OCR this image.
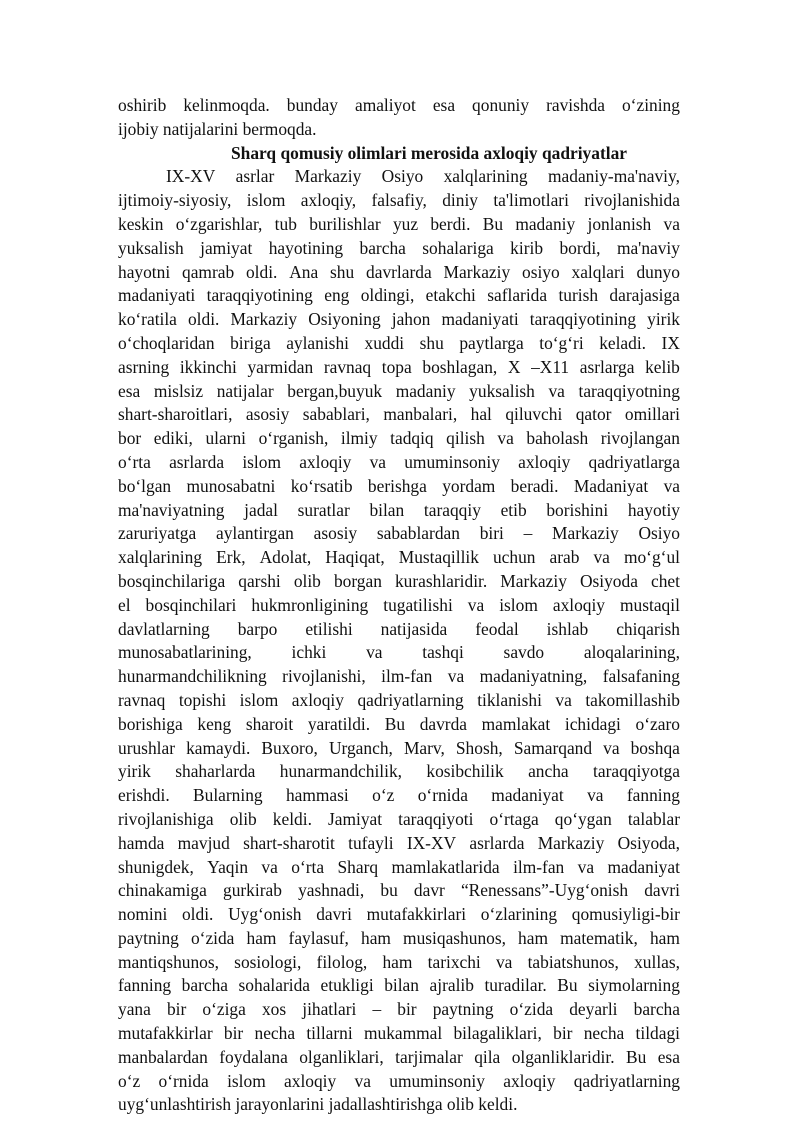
oshirib kelinmoqda. bunday amaliyot esa qonuniy ravishda o‘zining
ijobiy natijalarini bermoqda.
Sharq qomusiy olimlari merosida axloqiy qadriyatlar
IX-XV asrlar Markaziy Osiyo xalqlarining madaniy-ma'naviy,
ijtimoiy-siyosiy, islom axloqiy, falsafiy, diniy ta'limotlari rivojlanishida
keskin o‘zgarishlar, tub burilishlar yuz berdi. Bu madaniy jonlanish va
yuksalish jamiyat hayotining barcha sohalariga kirib bordi, ma'naviy
hayotni qamrab oldi. Ana shu davrlarda Markaziy osiyo xalqlari dunyo
madaniyati taraqqiyotining eng oldingi, etakchi saflarida turish darajasiga
ko‘ratila oldi. Markaziy Osiyoning jahon madaniyati taraqqiyotining yirik
o‘choqlaridan biriga aylanishi xuddi shu paytlarga to‘g‘ri keladi. IX
asrning ikkinchi yarmidan ravnaq topa boshlagan, X –X11 asrlarga kelib
esa mislsiz natijalar bergan,buyuk madaniy yuksalish va taraqqiyotning
shart-sharoitlari, asosiy sabablari, manbalari, hal qiluvchi qator omillari
bor ediki, ularni o‘rganish, ilmiy tadqiq qilish va baholash rivojlangan
o‘rta asrlarda islom axloqiy va umuminsoniy axloqiy qadriyatlarga
bo‘lgan munosabatni ko‘rsatib berishga yordam beradi. Madaniyat va
ma'naviyatning jadal suratlar bilan taraqqiy etib borishini hayotiy
zaruriyatga aylantirgan asosiy sabablardan biri – Markaziy Osiyo
xalqlarining Erk, Adolat, Haqiqat, Mustaqillik uchun arab va mo‘g‘ul
bosqinchilariga qarshi olib borgan kurashlaridir. Markaziy Osiyoda chet
el bosqinchilari hukmronligining tugatilishi va islom axloqiy mustaqil
davlatlarning barpo etilishi natijasida feodal ishlab chiqarish
munosabatlarining, ichki va tashqi savdo aloqalarining,
hunarmandchilikning rivojlanishi, ilm-fan va madaniyatning, falsafaning
ravnaq topishi islom axloqiy qadriyatlarning tiklanishi va takomillashib
borishiga keng sharoit yaratildi. Bu davrda mamlakat ichidagi o‘zaro
urushlar kamaydi. Buxoro, Urganch, Marv, Shosh, Samarqand va boshqa
yirik shaharlarda hunarmandchilik, kosibchilik ancha taraqqiyotga
erishdi. Bularning hammasi o‘z o‘rnida madaniyat va fanning
rivojlanishiga olib keldi. Jamiyat taraqqiyoti o‘rtaga qo‘ygan talablar
hamda mavjud shart-sharotit tufayli IX-XV asrlarda Markaziy Osiyoda,
shunigdek, Yaqin va o‘rta Sharq mamlakatlarida ilm-fan va madaniyat
chinakamiga gurkirab yashnadi, bu davr “Renessans”-Uyg‘onish davri
nomini oldi. Uyg‘onish davri mutafakkirlari o‘zlarining qomusiyligi-bir
paytning o‘zida ham faylasuf, ham musiqashunos, ham matematik, ham
mantiqshunos, sosiologi, filolog, ham tarixchi va tabiatshunos, xullas,
fanning barcha sohalarida etukligi bilan ajralib turadilar. Bu siymolarning
yana bir o‘ziga xos jihatlari – bir paytning o‘zida deyarli barcha
mutafakkirlar bir necha tillarni mukammal bilagaliklari, bir necha tildagi
manbalardan foydalana olganliklari, tarjimalar qila olganliklaridir. Bu esa
o‘z o‘rnida islom axloqiy va umuminsoniy axloqiy qadriyatlarning
uyg‘unlashtirish jarayonlarini jadallashtirishga olib keldi.
